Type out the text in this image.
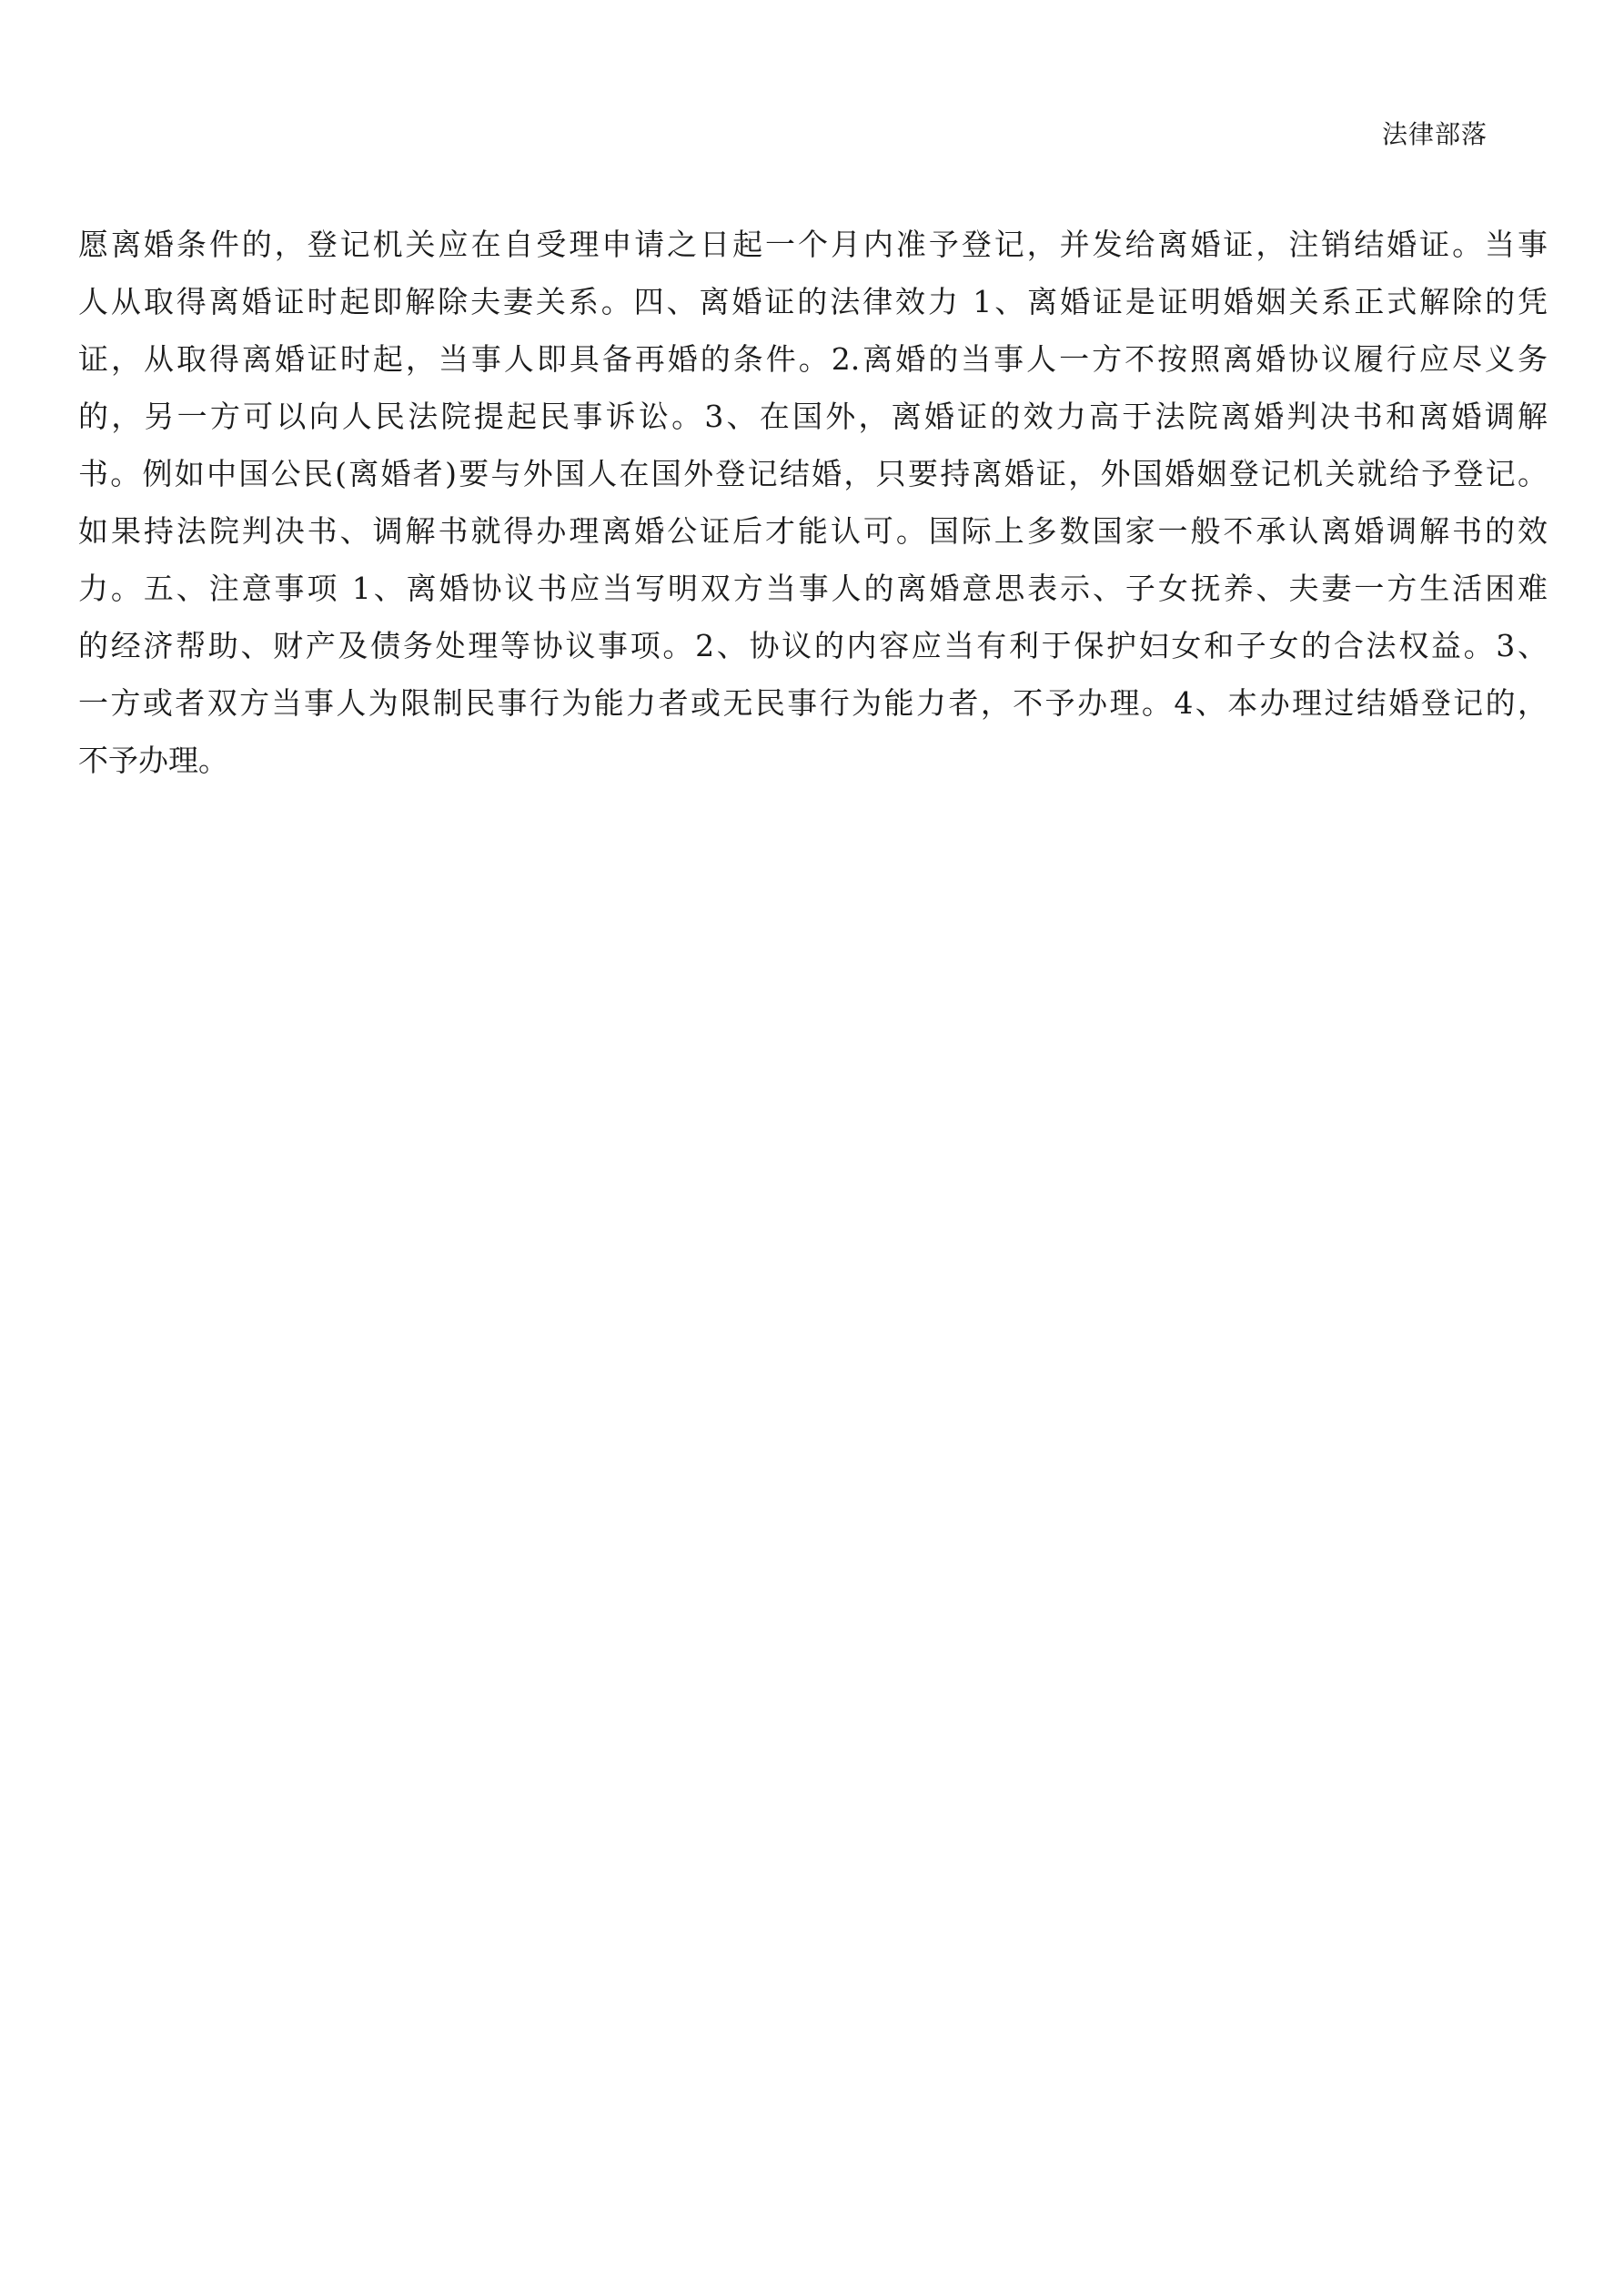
法律部落
愿离婚条件的，登记机关应在自受理申请之日起一个月内准予登记，并发给离婚证，注销结婚证。当事
人从取得离婚证时起即解除夫妻关系。四、离婚证的法律效力 1、离婚证是证明婚姻关系正式解除的凭
证，从取得离婚证时起，当事人即具备再婚的条件。2.离婚的当事人一方不按照离婚协议履行应尽义务
的，另一方可以向人民法院提起民事诉讼。3、在国外，离婚证的效力高于法院离婚判决书和离婚调解
书。例如中国公民(离婚者)要与外国人在国外登记结婚，只要持离婚证，外国婚姻登记机关就给予登记。
如果持法院判决书、调解书就得办理离婚公证后才能认可。国际上多数国家一般不承认离婚调解书的效
力。五、注意事项 1、离婚协议书应当写明双方当事人的离婚意思表示、子女抚养、夫妻一方生活困难
的经济帮助、财产及债务处理等协议事项。2、协议的内容应当有利于保护妇女和子女的合法权益。3、
一方或者双方当事人为限制民事行为能力者或无民事行为能力者，不予办理。4、本办理过结婚登记的，
不予办理。
